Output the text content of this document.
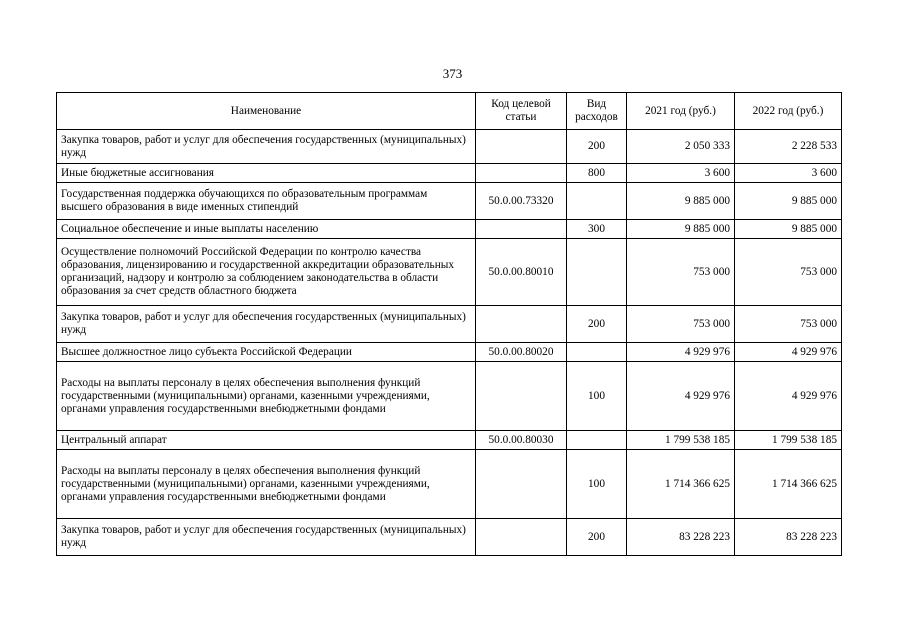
373
Наименование	Код целевой статьи	Вид расходов	2021 год (руб.)	2022 год (руб.)
Закупка товаров, работ и услуг для обеспечения государственных (муниципальных) нужд		200	2 050 333	2 228 533
Иные бюджетные ассигнования		800	3 600	3 600
Государственная поддержка обучающихся по образовательным программам высшего образования в виде именных стипендий	50.0.00.73320		9 885 000	9 885 000
Социальное обеспечение и иные выплаты населению		300	9 885 000	9 885 000
Осуществление полномочий Российской Федерации по контролю качества образования, лицензированию и государственной аккредитации образовательных организаций, надзору и контролю за соблюдением законодательства в области образования за счет средств областного бюджета	50.0.00.80010		753 000	753 000
Закупка товаров, работ и услуг для обеспечения государственных (муниципальных) нужд		200	753 000	753 000
Высшее должностное лицо субъекта Российской Федерации	50.0.00.80020		4 929 976	4 929 976
Расходы на выплаты персоналу в целях обеспечения выполнения функций государственными (муниципальными) органами, казенными учреждениями, органами управления государственными внебюджетными фондами		100	4 929 976	4 929 976
Центральный аппарат	50.0.00.80030		1 799 538 185	1 799 538 185
Расходы на выплаты персоналу в целях обеспечения выполнения функций государственными (муниципальными) органами, казенными учреждениями, органами управления государственными внебюджетными фондами		100	1 714 366 625	1 714 366 625
Закупка товаров, работ и услуг для обеспечения государственных (муниципальных) нужд		200	83 228 223	83 228 223
